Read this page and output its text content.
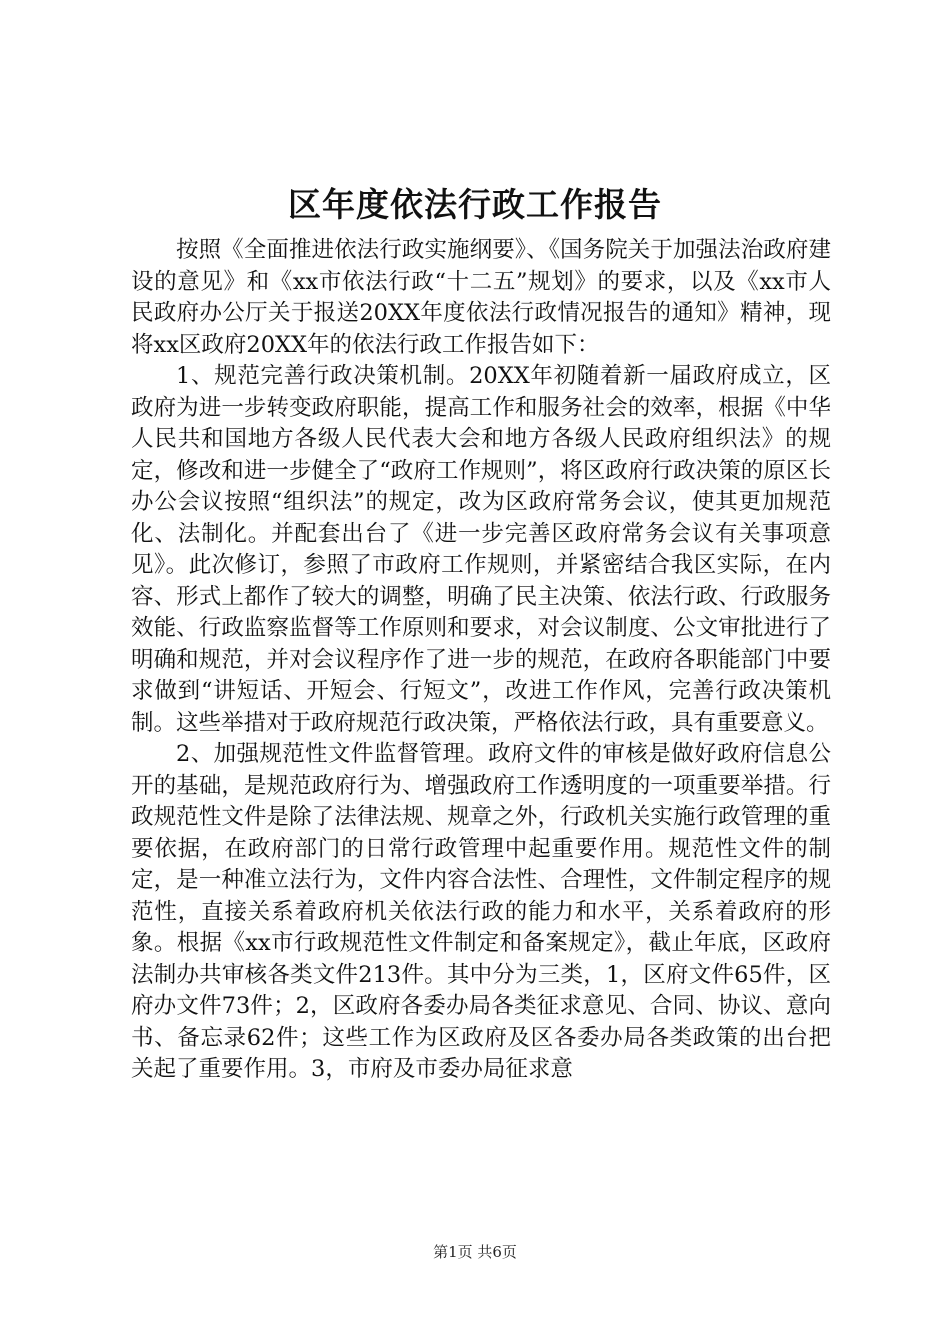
区年度依法行政工作报告

按照《全面推进依法行政实施纲要》、《国务院关于加强法治政府建设的意见》和《xx市依法行政“十二五”规划》的要求，以及《xx市人民政府办公厅关于报送20XX年度依法行政情况报告的通知》精神，现将xx区政府20XX年的依法行政工作报告如下：

1、规范完善行政决策机制。20XX年初随着新一届政府成立，区政府为进一步转变政府职能，提高工作和服务社会的效率，根据《中华人民共和国地方各级人民代表大会和地方各级人民政府组织法》的规定，修改和进一步健全了“政府工作规则”，将区政府行政决策的原区长办公会议按照“组织法”的规定，改为区政府常务会议，使其更加规范化、法制化。并配套出台了《进一步完善区政府常务会议有关事项意见》。此次修订，参照了市政府工作规则，并紧密结合我区实际，在内容、形式上都作了较大的调整，明确了民主决策、依法行政、行政服务效能、行政监察监督等工作原则和要求，对会议制度、公文审批进行了明确和规范，并对会议程序作了进一步的规范，在政府各职能部门中要求做到“讲短话、开短会、行短文”，改进工作作风，完善行政决策机制。这些举措对于政府规范行政决策，严格依法行政，具有重要意义。

2、加强规范性文件监督管理。政府文件的审核是做好政府信息公开的基础，是规范政府行为、增强政府工作透明度的一项重要举措。行政规范性文件是除了法律法规、规章之外，行政机关实施行政管理的重要依据，在政府部门的日常行政管理中起重要作用。规范性文件的制定，是一种准立法行为，文件内容合法性、合理性，文件制定程序的规范性，直接关系着政府机关依法行政的能力和水平，关系着政府的形象。根据《xx市行政规范性文件制定和备案规定》，截止年底，区政府法制办共审核各类文件213件。其中分为三类，1，区府文件65件，区府办文件73件；2，区政府各委办局各类征求意见、合同、协议、意向书、备忘录62件；这些工作为区政府及区各委办局各类政策的出台把关起了重要作用。3，市府及市委办局征求意

第1页 共6页
